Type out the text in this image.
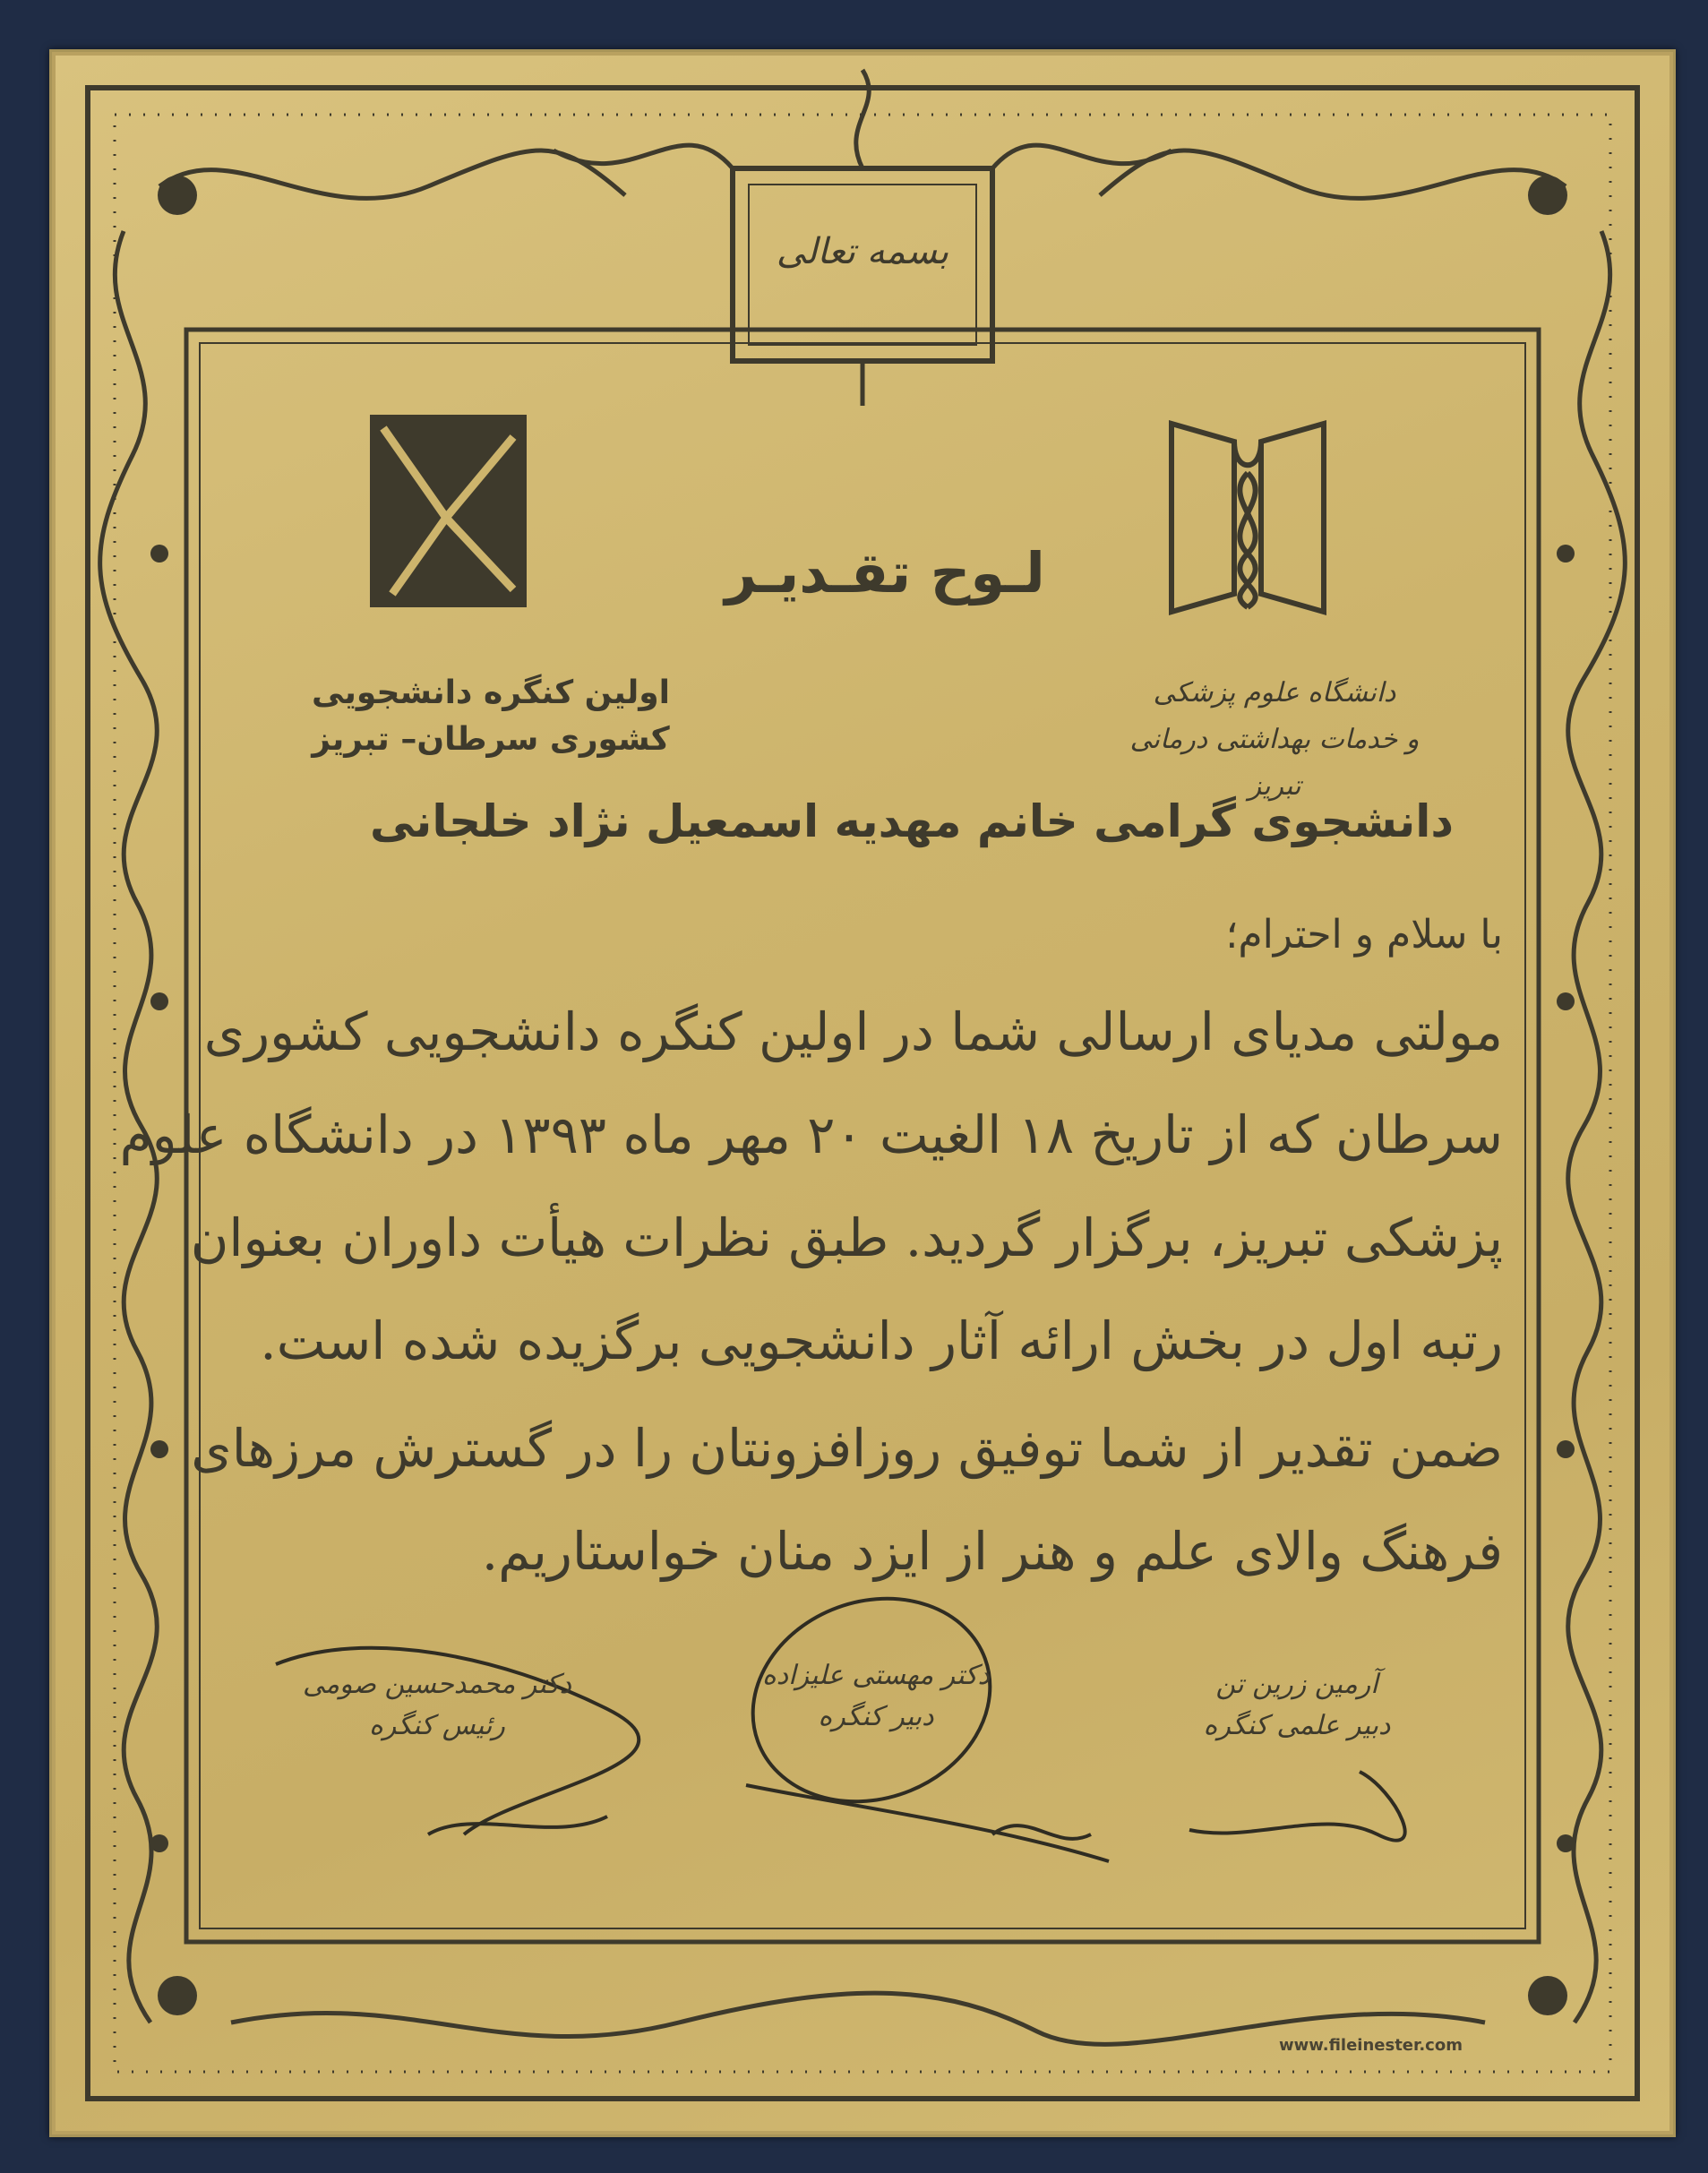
بسمه تعالی
لـوح تقـديـر
اولین کنگره دانشجویی
کشوری سرطان– تبریز
دانشگاه علوم پزشکی
و خدمات بهداشتی درمانی تبریز
دانشجوی گرامی خانم مهدیه اسمعیل نژاد خلجانی
با سلام و احترام؛
مولتی مدیای ارسالی شما در اولین کنگره دانشجویی کشوری
سرطان که از تاریخ ۱۸ الغیت ۲۰ مهر ماه ۱۳۹۳ در دانشگاه علوم
پزشکی تبریز، برگزار گردید. طبق نظرات هیأت داوران بعنوان
رتبه اول در بخش ارائه آثار دانشجویی برگزیده شده است.
ضمن تقدیر از شما توفیق روزافزونتان را در گسترش مرزهای
فرهنگ والای علم و هنر از ایزد منان خواستاریم.
دکتر محمدحسین صومی
رئیس کنگره
دکتر مهستی علیزاده
دبیر کنگره
آرمین زرین تن
دبیر علمی کنگره
www.fileinester.com
